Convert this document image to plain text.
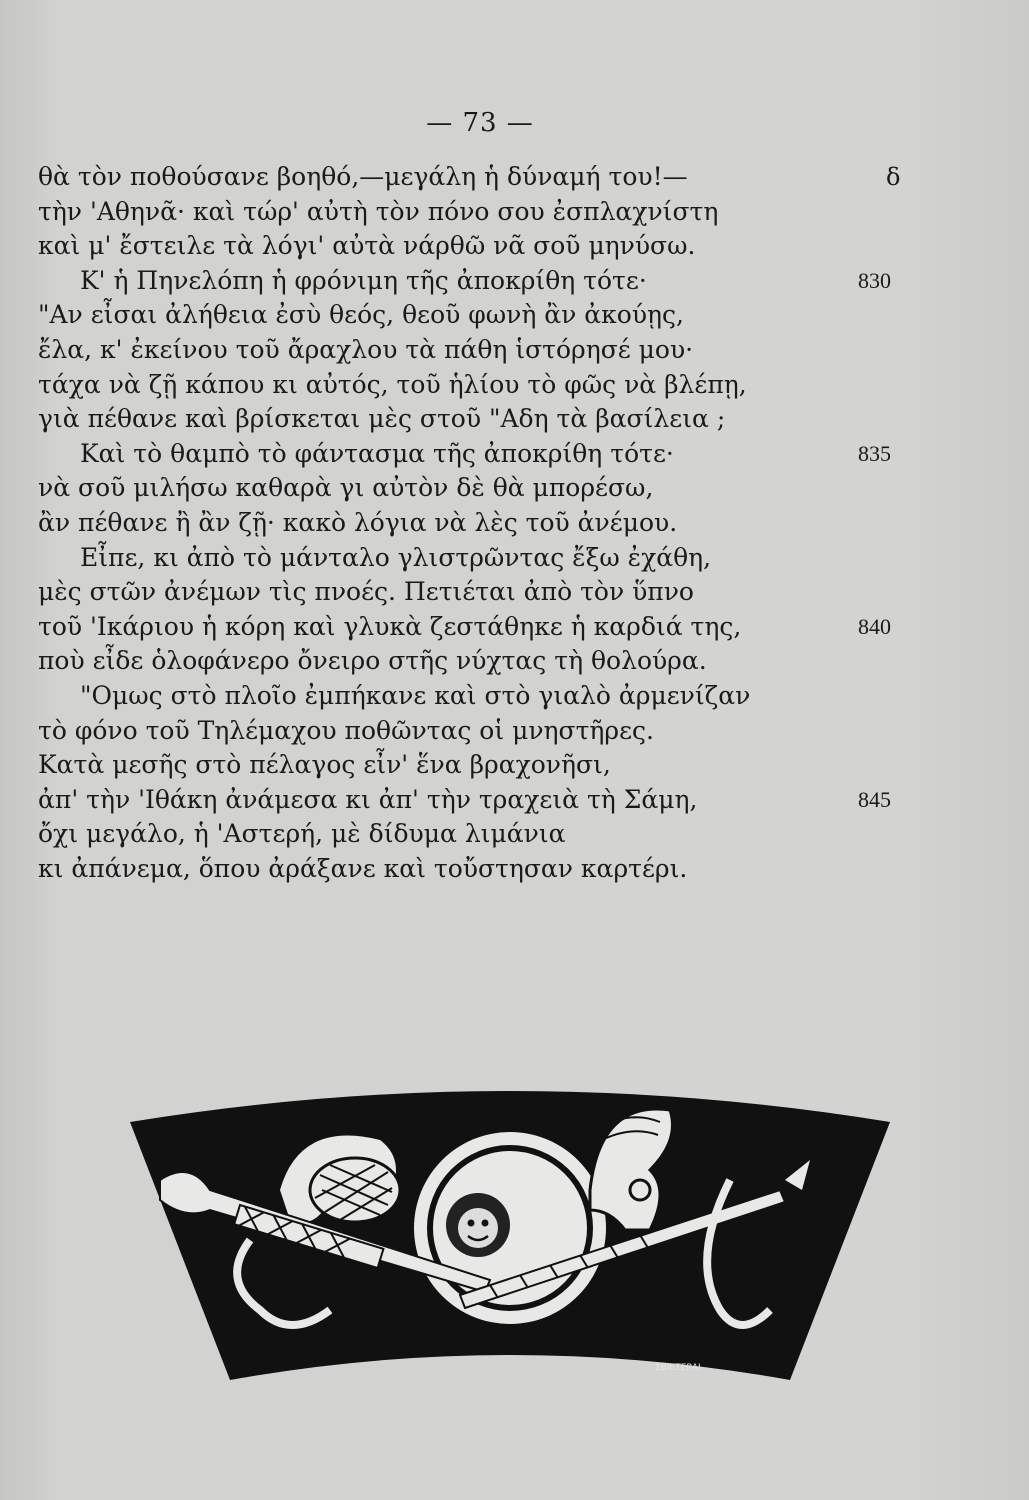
— 73 —
θὰ τὸν ποθούσανε βοηθό,—μεγάλη ἡ δύναμή του!—	δ
τὴν 'Αθηνᾶ· καὶ τώρ' αὐτὴ τὸν πόνο σου ἐσπλαχνίστη
καὶ μ' ἔστειλε τὰ λόγι' αὐτὰ νάρθῶ νᾶ σοῦ μηνύσω.
Κ' ἡ Πηνελόπη ἡ φρόνιμη τῆς ἀποκρίθη τότε·	830
"Αν εἶσαι ἀλήθεια ἐσὺ θεός, θεοῦ φωνὴ ἂν ἀκούῃς,
ἔλα, κ' ἐκείνου τοῦ ἄραχλου τὰ πάθη ἱστόρησέ μου·
τάχα νὰ ζῇ κάπου κι αὐτός, τοῦ ἡλίου τὸ φῶς νὰ βλέπῃ,
γιὰ πέθανε καὶ βρίσκεται μὲς στοῦ "Αδη τὰ βασίλεια ;
Καὶ τὸ θαμπὸ τὸ φάντασμα τῆς ἀποκρίθη τότε·	835
νὰ σοῦ μιλήσω καθαρὰ γι αὐτὸν δὲ θὰ μπορέσω,
ἂν πέθανε ἢ ἂν ζῇ· κακὸ λόγια νὰ λὲς τοῦ ἀνέμου.
Εἶπε, κι ἀπὸ τὸ μάνταλο γλιστρῶντας ἔξω ἐχάθη,
μὲς στῶν ἀνέμων τὶς πνοές. Πετιέται ἀπὸ τὸν ὕπνο
τοῦ 'Ικάριου ἡ κόρη καὶ γλυκὰ ζεστάθηκε ἡ καρδιά της,	840
ποὺ εἶδε ὁλοφάνερο ὄνειρο στῆς νύχτας τὴ θολούρα.
"Ομως στὸ πλοῖο ἐμπήκανε καὶ στὸ γιαλὸ ἀρμενίζαν
τὸ φόνο τοῦ Τηλέμαχου ποθῶντας οἱ μνηστῆρες.
Κατὰ μεσῆς στὸ πέλαγος εἶν' ἕνα βραχονῆσι,
ἀπ' τὴν 'Ιθάκη ἀνάμεσα κι ἀπ' τὴν τραχειὰ τὴ Σάμη,	845
ὄχι μεγάλο, ἡ 'Αστερή, μὲ δίδυμα λιμάνια
κι ἀπάνεμα, ὅπου ἀράξανε καὶ τοὔστησαν καρτέρι.
ΣΒΙΕΤΕΡΑΙ
